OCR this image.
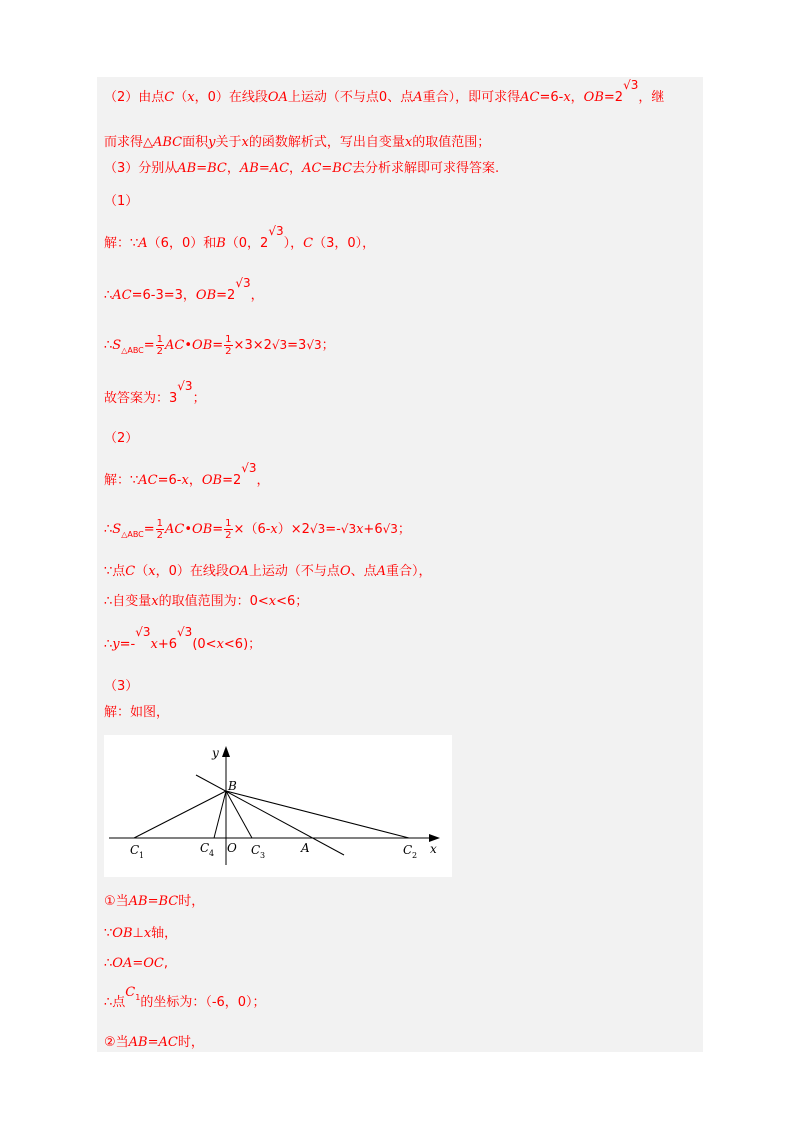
（2）由点C（x，0）在线段OA上运动（不与点0、点A重合），即可求得AC=6-x，OB=2√3，继
而求得△ABC面积y关于x的函数解析式，写出自变量x的取值范围；
（3）分别从AB=BC，AB=AC，AC=BC去分析求解即可求得答案.
（1）
解：∵A（6，0）和B（0，2√3），C（3，0），
∴AC=6-3=3，OB=2√3，
$\therefore S_{\triangle ABC}= \frac{1}{2}$ AC•OB= $\frac{1}{2} \times 3\times 2√3=3√3$；
故答案为：3√3；
（2）
解：∵AC=6-x，OB=2√3，
$\therefore S_{\triangle ABC}= \frac{1}{2}$ AC•OB= $\frac{1}{2} \times(6-x)\times 2√3=-√3x+6√3$；
∵点C（x，0）在线段OA上运动（不与点O、点A重合），
∴自变量x的取值范围为：0<x<6；
∴y=-√3x+6√3(0<x<6)；
（3）
解：如图，
y
x
B
O	A
C 1
C 4	C 3	C 2
①当AB=BC时，
∵OB⊥x轴，
∴OA=OC,
∴点$C^1$的坐标为：（-6，0）；
②当AB=AC时，
